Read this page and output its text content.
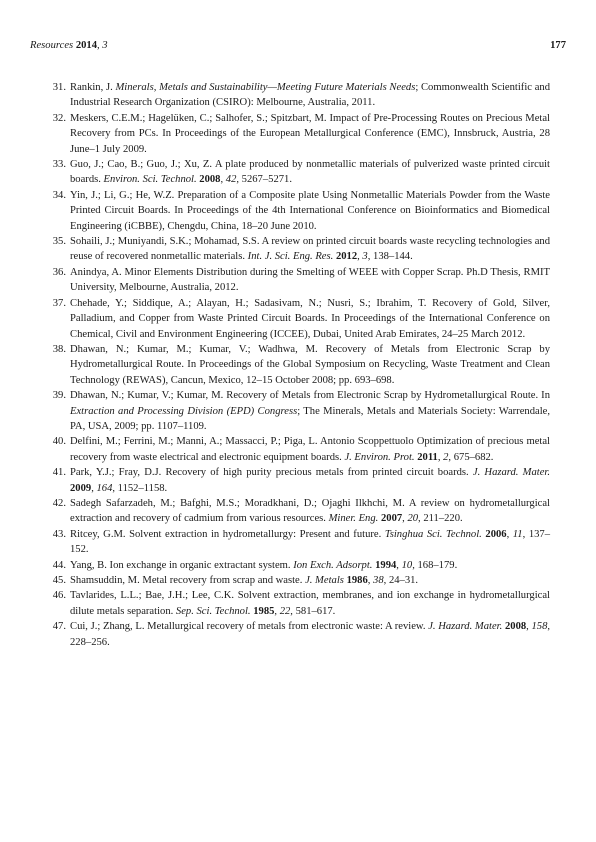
Resources 2014, 3	177
31. Rankin, J. Minerals, Metals and Sustainability—Meeting Future Materials Needs; Commonwealth Scientific and Industrial Research Organization (CSIRO): Melbourne, Australia, 2011.
32. Meskers, C.E.M.; Hagelüken, C.; Salhofer, S.; Spitzbart, M. Impact of Pre-Processing Routes on Precious Metal Recovery from PCs. In Proceedings of the European Metallurgical Conference (EMC), Innsbruck, Austria, 28 June–1 July 2009.
33. Guo, J.; Cao, B.; Guo, J.; Xu, Z. A plate produced by nonmetallic materials of pulverized waste printed circuit boards. Environ. Sci. Technol. 2008, 42, 5267–5271.
34. Yin, J.; Li, G.; He, W.Z. Preparation of a Composite plate Using Nonmetallic Materials Powder from the Waste Printed Circuit Boards. In Proceedings of the 4th International Conference on Bioinformatics and Biomedical Engineering (iCBBE), Chengdu, China, 18–20 June 2010.
35. Sohaili, J.; Muniyandi, S.K.; Mohamad, S.S. A review on printed circuit boards waste recycling technologies and reuse of recovered nonmetallic materials. Int. J. Sci. Eng. Res. 2012, 3, 138–144.
36. Anindya, A. Minor Elements Distribution during the Smelting of WEEE with Copper Scrap. Ph.D Thesis, RMIT University, Melbourne, Australia, 2012.
37. Chehade, Y.; Siddique, A.; Alayan, H.; Sadasivam, N.; Nusri, S.; Ibrahim, T. Recovery of Gold, Silver, Palladium, and Copper from Waste Printed Circuit Boards. In Proceedings of the International Conference on Chemical, Civil and Environment Engineering (ICCEE), Dubai, United Arab Emirates, 24–25 March 2012.
38. Dhawan, N.; Kumar, M.; Kumar, V.; Wadhwa, M. Recovery of Metals from Electronic Scrap by Hydrometallurgical Route. In Proceedings of the Global Symposium on Recycling, Waste Treatment and Clean Technology (REWAS), Cancun, Mexico, 12–15 October 2008; pp. 693–698.
39. Dhawan, N.; Kumar, V.; Kumar, M. Recovery of Metals from Electronic Scrap by Hydrometallurgical Route. In Extraction and Processing Division (EPD) Congress; The Minerals, Metals and Materials Society: Warrendale, PA, USA, 2009; pp. 1107–1109.
40. Delfini, M.; Ferrini, M.; Manni, A.; Massacci, P.; Piga, L. Antonio Scoppettuolo Optimization of precious metal recovery from waste electrical and electronic equipment boards. J. Environ. Prot. 2011, 2, 675–682.
41. Park, Y.J.; Fray, D.J. Recovery of high purity precious metals from printed circuit boards. J. Hazard. Mater. 2009, 164, 1152–1158.
42. Sadegh Safarzadeh, M.; Bafghi, M.S.; Moradkhani, D.; Ojaghi Ilkhchi, M. A review on hydrometallurgical extraction and recovery of cadmium from various resources. Miner. Eng. 2007, 20, 211–220.
43. Ritcey, G.M. Solvent extraction in hydrometallurgy: Present and future. Tsinghua Sci. Technol. 2006, 11, 137–152.
44. Yang, B. Ion exchange in organic extractant system. Ion Exch. Adsorpt. 1994, 10, 168–179.
45. Shamsuddin, M. Metal recovery from scrap and waste. J. Metals 1986, 38, 24–31.
46. Tavlarides, L.L.; Bae, J.H.; Lee, C.K. Solvent extraction, membranes, and ion exchange in hydrometallurgical dilute metals separation. Sep. Sci. Technol. 1985, 22, 581–617.
47. Cui, J.; Zhang, L. Metallurgical recovery of metals from electronic waste: A review. J. Hazard. Mater. 2008, 158, 228–256.
